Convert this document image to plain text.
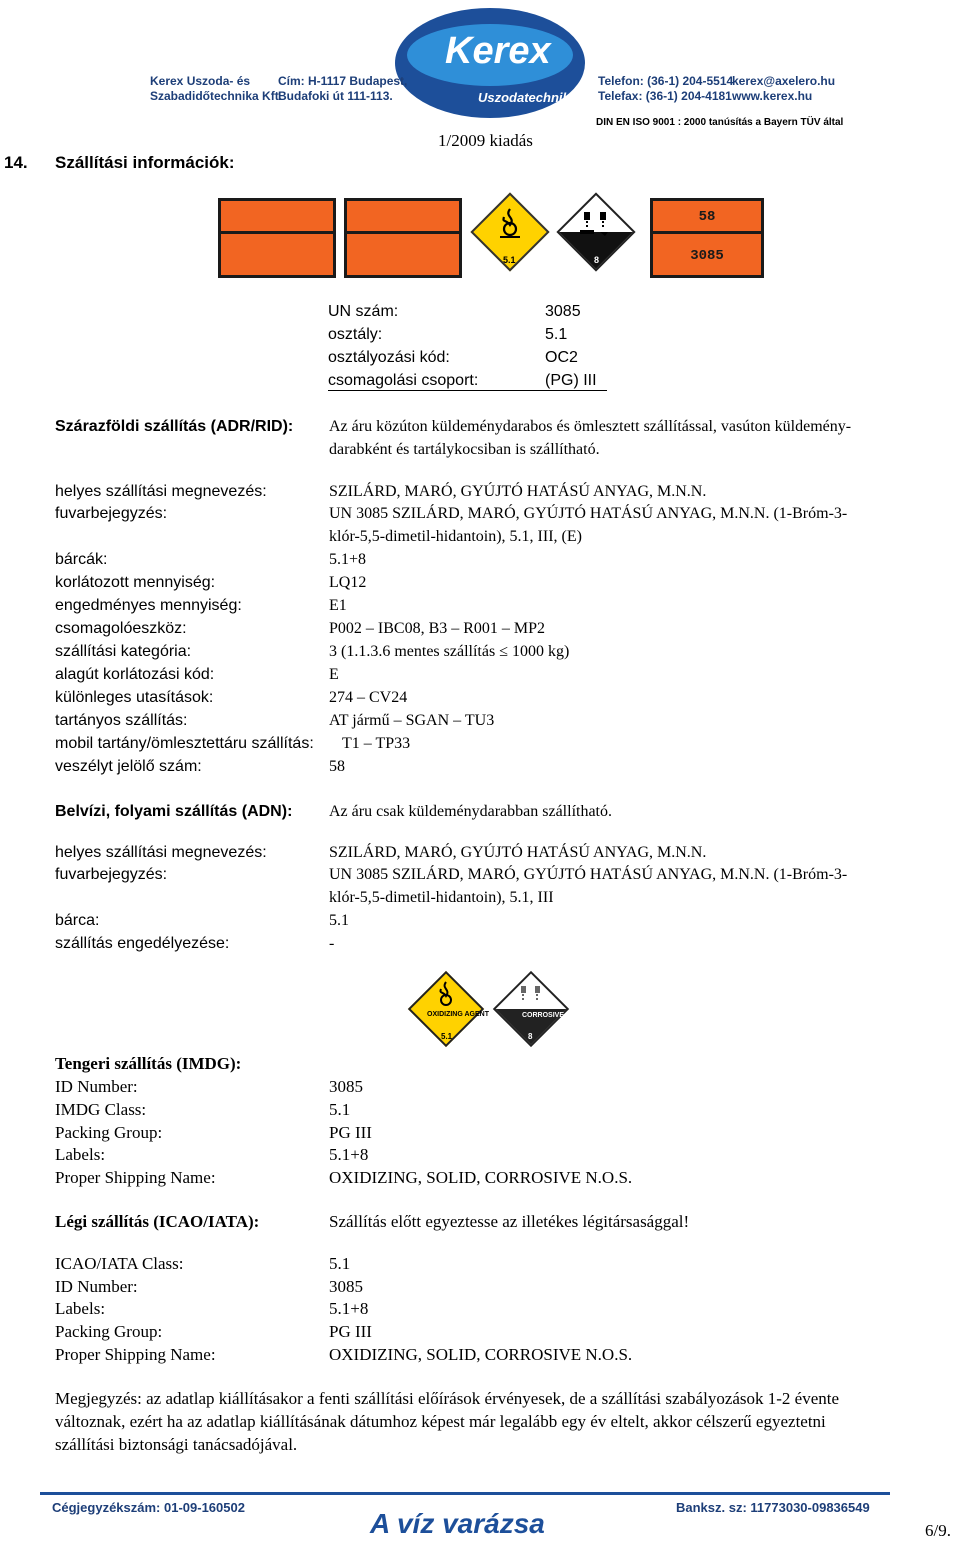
Kerex
Uszodatechnika
Kerex Uszoda- és
Szabadidőtechnika Kft.
Cím: H-1117 Budapest,
Budafoki út 111-113.
Telefon: (36-1) 204-5514
Telefax: (36-1) 204-4181
kerex@axelero.hu
www.kerex.hu
DIN EN ISO 9001 : 2000 tanúsítás a Bayern TÜV által
1/2009 kiadás
14. Szállítási információk:
5.1	8
58
3085
UN szám:	3085
osztály:	5.1
osztályozási kód:	OC2
csomagolási csoport:	(PG) III
Szárazföldi szállítás (ADR/RID): Az áru közúton küldeménydarabos és ömlesztett szállítással, vasúton küldemény-
darabként és tartálykocsiban is szállítható.
helyes szállítási megnevezés:	SZILÁRD, MARÓ, GYÚJTÓ HATÁSÚ ANYAG, M.N.N.
fuvarbejegyzés:	UN 3085 SZILÁRD, MARÓ, GYÚJTÓ HATÁSÚ ANYAG, M.N.N. (1-Bróm-3-
klór-5,5-dimetil-hidantoin), 5.1, III, (E)
bárcák:	5.1+8
korlátozott mennyiség:	LQ12
engedményes mennyiség:	E1
csomagolóeszköz:	P002 – IBC08, B3 – R001 – MP2
szállítási kategória:	3 (1.1.3.6 mentes szállítás ≤ 1000 kg)
alagút korlátozási kód:	E
különleges utasítások:	274 – CV24
tartányos szállítás:	AT jármű – SGAN – TU3
mobil tartány/ömlesztettáru szállítás: T1 – TP33
veszélyt jelölő szám:	58
Belvízi, folyami szállítás (ADN): Az áru csak küldeménydarabban szállítható.
helyes szállítási megnevezés:	SZILÁRD, MARÓ, GYÚJTÓ HATÁSÚ ANYAG, M.N.N.
fuvarbejegyzés:	UN 3085 SZILÁRD, MARÓ, GYÚJTÓ HATÁSÚ ANYAG, M.N.N. (1-Bróm-3-
klór-5,5-dimetil-hidantoin), 5.1, III
bárca:	5.1
szállítás engedélyezése:	-
OXIDIZING AGENT
5.1
CORROSIVE
8
Tengeri szállítás (IMDG):
ID Number:	3085
IMDG Class:	5.1
Packing Group:	PG III
Labels:	5.1+8
Proper Shipping Name:	OXIDIZING, SOLID, CORROSIVE N.O.S.
Légi szállítás (ICAO/IATA):	Szállítás előtt egyeztesse az illetékes légitársasággal!
ICAO/IATA Class:	5.1
ID Number:	3085
Labels:	5.1+8
Packing Group:	PG III
Proper Shipping Name:	OXIDIZING, SOLID, CORROSIVE N.O.S.
Megjegyzés: az adatlap kiállításakor a fenti szállítási előírások érvényesek, de a szállítási szabályozások 1-2 évente
változnak, ezért ha az adatlap kiállításának dátumhoz képest már legalább egy év eltelt, akkor célszerű egyeztetni
szállítási biztonsági tanácsadójával.
Cégjegyzékszám: 01-09-160502
A víz varázsa
Banksz. sz: 11773030-09836549
6/9.
